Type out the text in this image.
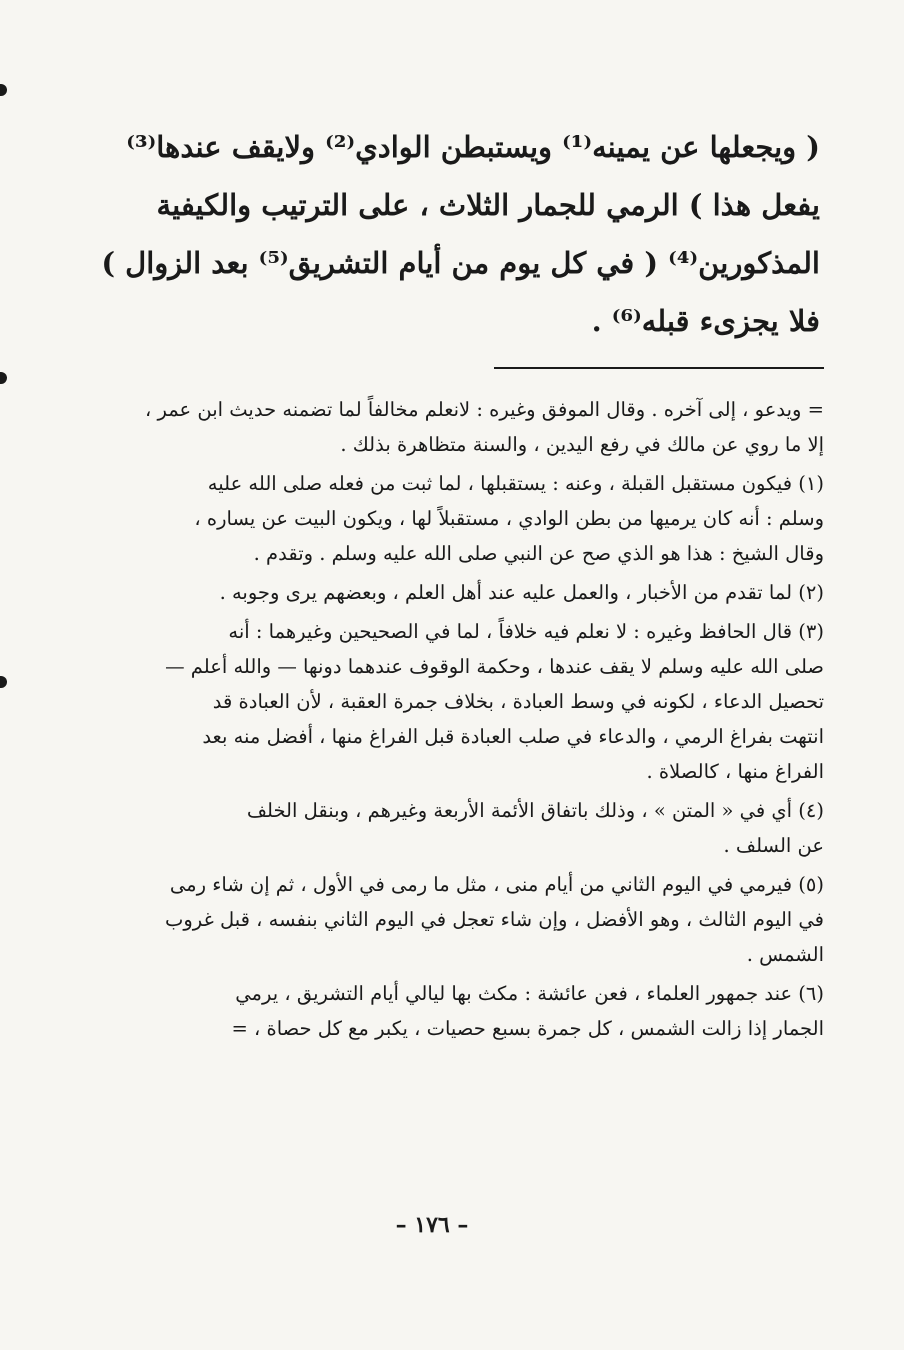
( ويجعلها عن يمينه⁽¹⁾ ويستبطن الوادي⁽²⁾ ولايقف عندها⁽³⁾
يفعل هذا ) الرمي للجمار الثلاث ، على الترتيب والكيفية
المذكورين⁽⁴⁾ ( في كل يوم من أيام التشريق⁽⁵⁾ بعد الزوال )
فلا يجزىء قبله⁽⁶⁾ .
= ويدعو ، إلى آخره . وقال الموفق وغيره : لانعلم مخالفاً لما تضمنه حديث ابن عمر ،
إلا ما روي عن مالك في رفع اليدين ، والسنة متظاهرة بذلك .
(١) فيكون مستقبل القبلة ، وعنه : يستقبلها ، لما ثبت من فعله صلى الله عليه
وسلم : أنه كان يرميها من بطن الوادي ، مستقبلاً لها ، ويكون البيت عن يساره ،
وقال الشيخ : هذا هو الذي صح عن النبي صلى الله عليه وسلم . وتقدم .
(٢) لما تقدم من الأخبار ، والعمل عليه عند أهل العلم ، وبعضهم يرى وجوبه .
(٣) قال الحافظ وغيره : لا نعلم فيه خلافاً ، لما في الصحيحين وغيرهما : أنه
صلى الله عليه وسلم لا يقف عندها ، وحكمة الوقوف عندهما دونها — والله أعلم —
تحصيل الدعاء ، لكونه في وسط العبادة ، بخلاف جمرة العقبة ، لأن العبادة قد
انتهت بفراغ الرمي ، والدعاء في صلب العبادة قبل الفراغ منها ، أفضل منه بعد
الفراغ منها ، كالصلاة .
(٤) أي في « المتن » ، وذلك باتفاق الأئمة الأربعة وغيرهم ، وبنقل الخلف
عن السلف .
(٥) فيرمي في اليوم الثاني من أيام منى ، مثل ما رمى في الأول ، ثم إن شاء رمى
في اليوم الثالث ، وهو الأفضل ، وإن شاء تعجل في اليوم الثاني بنفسه ، قبل غروب
الشمس .
(٦) عند جمهور العلماء ، فعن عائشة : مكث بها ليالي أيام التشريق ، يرمي
الجمار إذا زالت الشمس ، كل جمرة بسبع حصيات ، يكبر مع كل حصاة ، =
– ١٧٦ –
